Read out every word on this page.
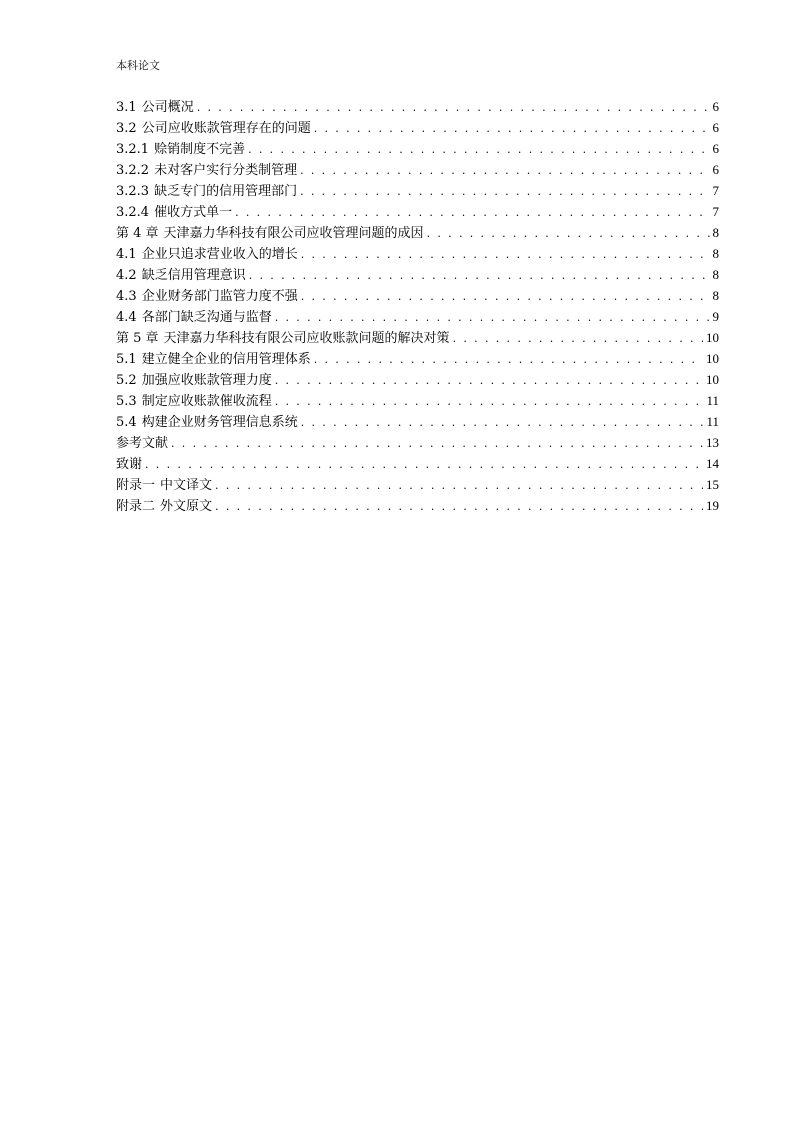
本科论文
3.1 公司概况 . . .	6
3.2 公司应收账款管理存在的问题 . . .	6
3.2.1 赊销制度不完善 . . .	6
3.2.2 未对客户实行分类制管理 . . .	6
3.2.3 缺乏专门的信用管理部门 . . .	7
3.2.4 催收方式单一 . . .	7
第 4 章 天津嘉力华科技有限公司应收管理问题的成因 . . .	8
4.1 企业只追求营业收入的增长 . . .	8
4.2 缺乏信用管理意识 . . .	8
4.3 企业财务部门监管力度不强 . . .	8
4.4 各部门缺乏沟通与监督 . . .	9
第 5 章 天津嘉力华科技有限公司应收账款问题的解决对策 . . .	10
5.1 建立健全企业的信用管理体系 . . .	10
5.2 加强应收账款管理力度 . . .	10
5.3 制定应收账款催收流程 . . .	11
5.4 构建企业财务管理信息系统 . . .	11
参考文献 . . .	13
致谢 . . .	14
附录一 中文译文 . . .	15
附录二 外文原文 . . .	19
